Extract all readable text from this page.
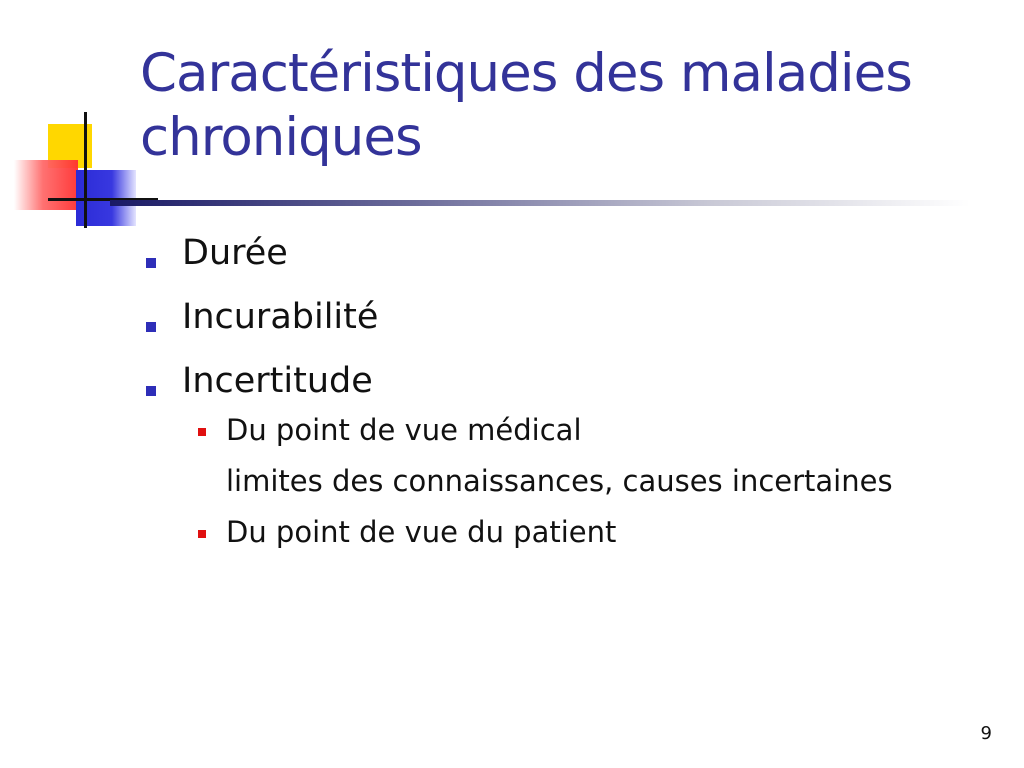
Caractéristiques des maladies chroniques
Durée
Incurabilité
Incertitude
Du point de vue médical
limites des connaissances, causes incertaines
Du point de vue du patient
9
